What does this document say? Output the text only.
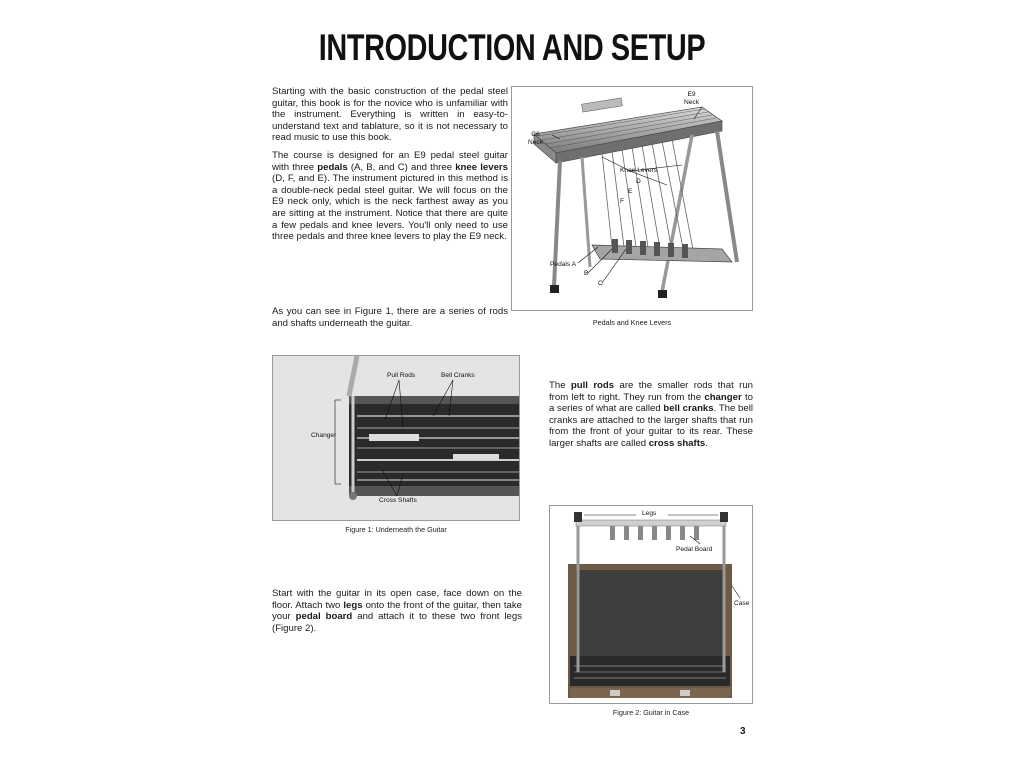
INTRODUCTION AND SETUP

Starting with the basic construction of the pedal steel guitar, this book is for the novice who is unfamiliar with the instrument. Everything is written in easy-to-understand text and tablature, so it is not necessary to read music to use this book.

The course is designed for an E9 pedal steel guitar with three pedals (A, B, and C) and three knee levers (D, F, and E). The instrument pictured in this method is a double-neck pedal steel guitar. We will focus on the E9 neck only, which is the neck farthest away as you are sitting at the instrument. Notice that there are quite a few pedals and knee levers. You'll only need to use three pedals and three knee levers to play the E9 neck.

As you can see in Figure 1, there are a series of rods and shafts underneath the guitar.

E9
Neck
C6
Neck
Knee Levers
D
E
F
Pedals A
B
C
Pedals and Knee Levers
Pull Rods	Bell Cranks
Changer
Cross Shafts
Figure 1: Underneath the Guitar

The pull rods are the smaller rods that run from left to right. They run from the changer to a series of what are called bell cranks. The bell cranks are attached to the larger shafts that run from the front of your guitar to its rear. These larger shafts are called cross shafts.

Legs
Pedal Board
Case
Figure 2: Guitar in Case

Start with the guitar in its open case, face down on the floor. Attach two legs onto the front of the guitar, then take your pedal board and attach it to these two front legs (Figure 2).

3
